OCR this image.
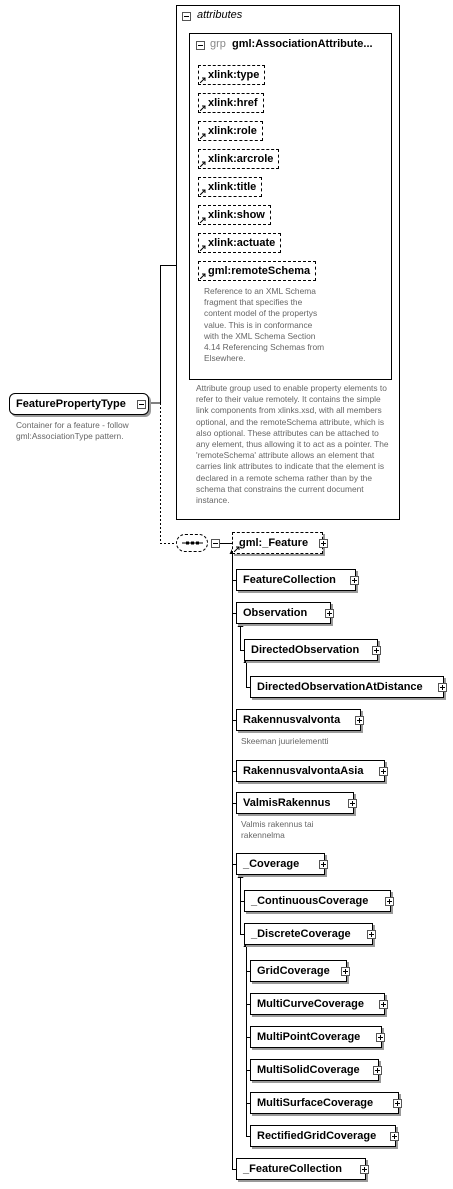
attributes
grp gml:AssociationAttribute...
xlink:type
xlink:href
xlink:role
xlink:arcrole
xlink:title
xlink:show
xlink:actuate
gml:remoteSchema
Reference to an XML Schema fragment that specifies the content model of the propertys value. This is in conformance with the XML Schema Section 4.14 Referencing Schemas from Elsewhere.
Attribute group used to enable property elements to refer to their value remotely. It contains the simple link components from xlinks.xsd, with all members optional, and the remoteSchema attribute, which is also optional. These attributes can be attached to any element, thus allowing it to act as a pointer. The 'remoteSchema' attribute allows an element that carries link attributes to indicate that the element is declared in a remote schema rather than by the schema that constrains the current document instance.
FeaturePropertyType
Container for a feature - follow gml:AssociationType pattern.
gml:_Feature
FeatureCollection
Observation
DirectedObservation
DirectedObservationAtDistance
Rakennusvalvonta
Skeeman juurielementti
RakennusvalvontaAsia
ValmisRakennus
Valmis rakennus tai rakennelma
_Coverage
_ContinuousCoverage
_DiscreteCoverage
GridCoverage
MultiCurveCoverage
MultiPointCoverage
MultiSolidCoverage
MultiSurfaceCoverage
RectifiedGridCoverage
_FeatureCollection
